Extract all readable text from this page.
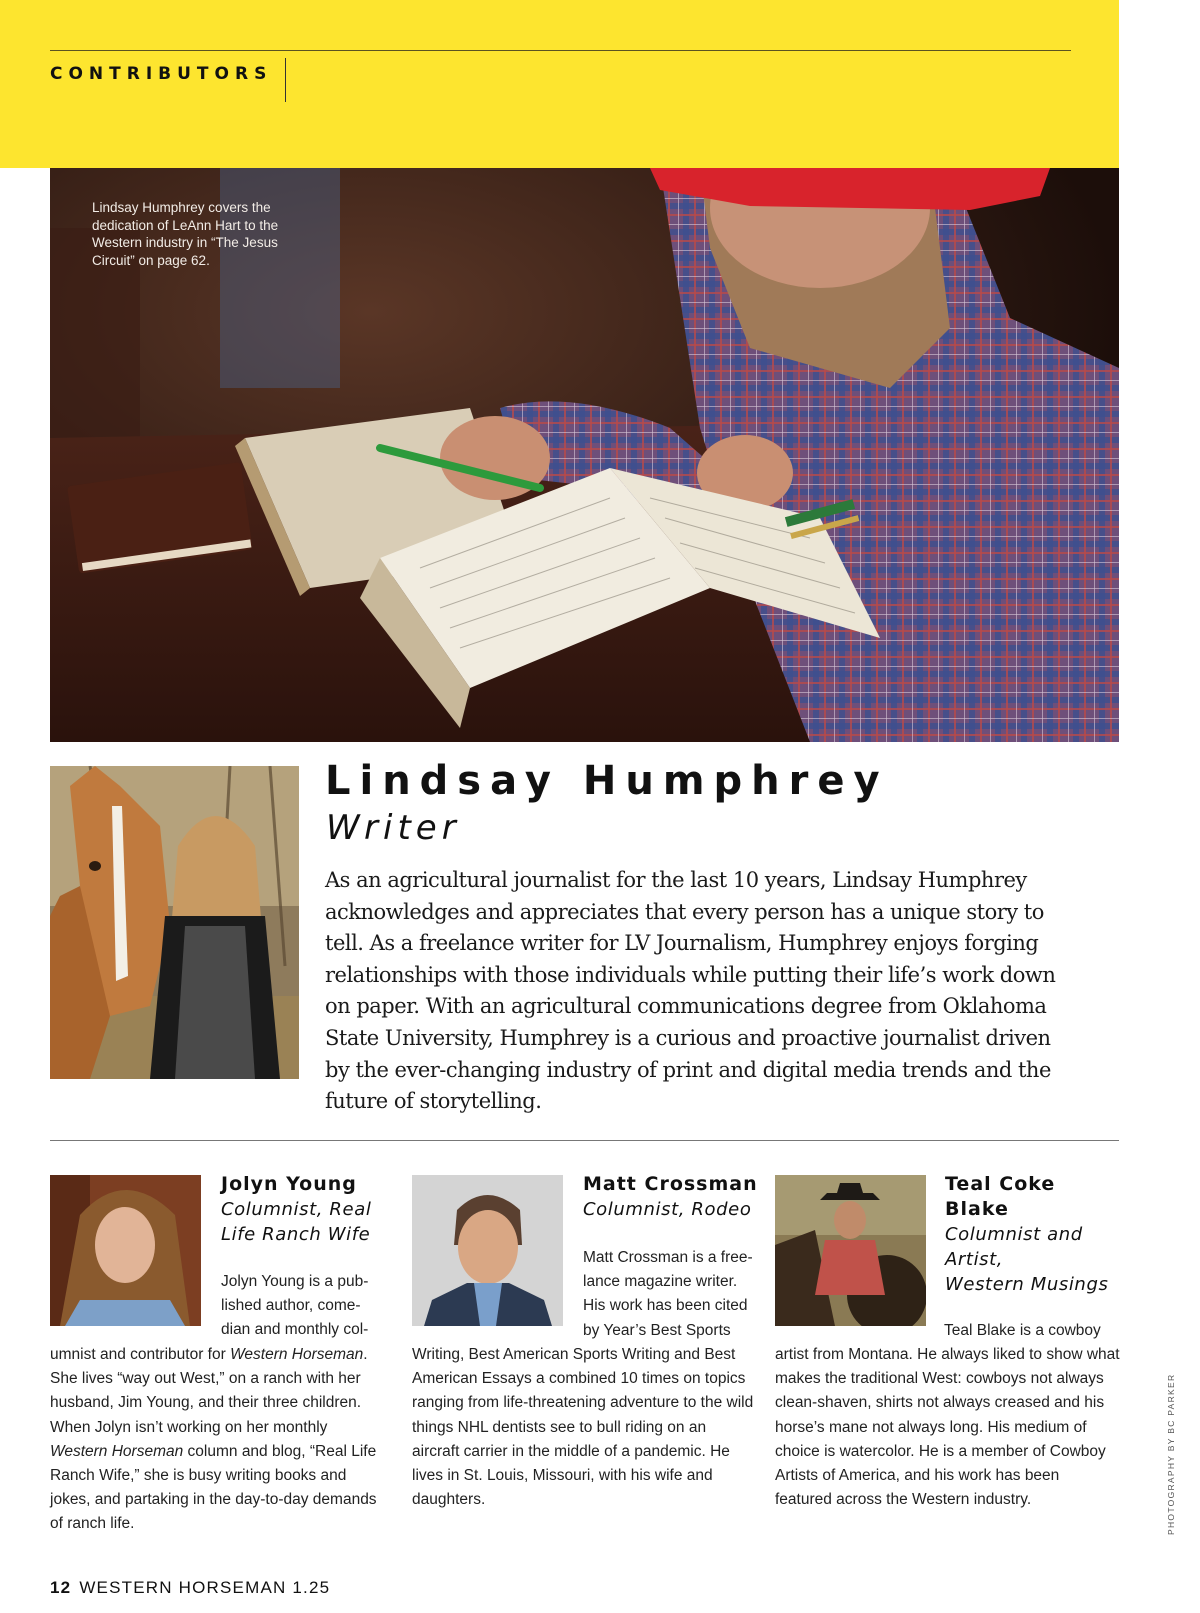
CONTRIBUTORS
Lindsay Humphrey covers the dedication of LeAnn Hart to the Western industry in “The Jesus Circuit” on page 62.
Lindsay Humphrey
Writer
As an agricultural journalist for the last 10 years, Lindsay Humphrey acknowledges and appreciates that every person has a unique story to tell. As a freelance writer for LV Journalism, Humphrey enjoys forging relationships with those individuals while putting their life’s work down on paper. With an agricultural communications degree from Oklahoma State University, Humphrey is a curious and proactive journalist driven by the ever-changing industry of print and digital media trends and the future of storytelling.
Jolyn Young
Columnist, Real
Life Ranch Wife
Jolyn Young is a pub-
lished author, come-
dian and monthly col-
umnist and contributor for Western Horseman. She lives “way out West,” on a ranch with her husband, Jim Young, and their three children. When Jolyn isn’t working on her monthly Western Horseman column and blog, “Real Life Ranch Wife,” she is busy writing books and jokes, and partaking in the day-to-day demands of ranch life.
Matt Crossman
Columnist, Rodeo
Matt Crossman is a free-
lance magazine writer.
His work has been cited
by Year’s Best Sports
Writing, Best American Sports Writing and Best American Essays a combined 10 times on topics ranging from life-threatening adventure to the wild things NHL dentists see to bull riding on an aircraft carrier in the middle of a pandemic. He lives in St. Louis, Missouri, with his wife and daughters.
Teal Coke
Blake
Columnist and
Artist,
Western Musings
Teal Blake is a cowboy
artist from Montana. He always liked to show what makes the traditional West: cowboys not always clean-shaven, shirts not always creased and his horse’s mane not always long. His medium of choice is watercolor. He is a member of Cowboy Artists of America, and his work has been featured across the Western industry.	PHOTOGRAPHY BY BC PARKER
12 WESTERN HORSEMAN 1.25
